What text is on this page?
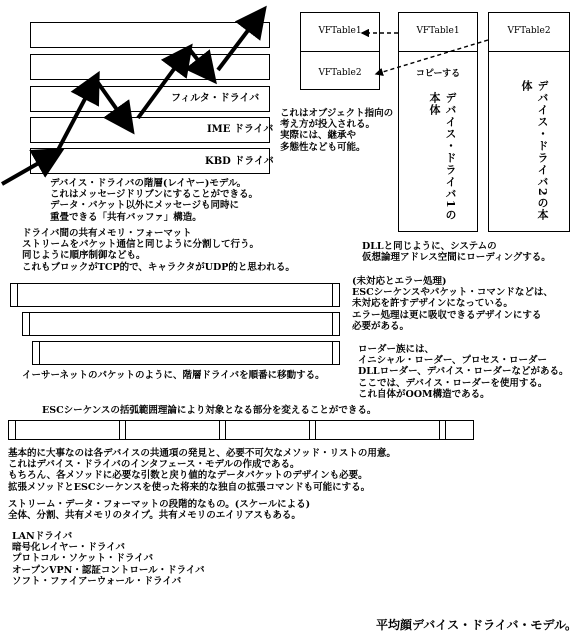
フィルタ・ドライバ
IME ドライバ
KBD ドライバ
VFTable1
VFTable2
VFTable1
コピーする
デバイス・ドライバ1の本体
VFTable2
デバイス・ドライバ2の本体
これはオブジェクト指向の
考え方が投入される。
実際には、継承や
多態性なども可能。
デバイス・ドライバの階層(レイヤー)モデル。
これはメッセージドリブンにすることができる。
データ・パケット以外にメッセージも同時に
重畳できる「共有バッファ」構造。
ドライバ間の共有メモリ・フォーマット
ストリームをパケット通信と同じように分割して行う。
同じように順序制御なども。
これもブロックがTCP的で、キャラクタがUDP的と思われる。
DLLと同じように、システムの
仮想論理アドレス空間にローディングする。
(未対応とエラー処理)
ESCシーケンスやパケット・コマンドなどは、
未対応を許すデザインになっている。
エラー処理は更に吸収できるデザインにする
必要がある。
ローダー族には、
イニシャル・ローダー、プロセス・ローダー
DLLローダー、デバイス・ローダーなどがある。
ここでは、デバイス・ローダーを使用する。
これ自体がOOM構造である。
イーサーネットのパケットのように、階層ドライバを順番に移動する。
ESCシーケンスの括弧範囲理論により対象となる部分を変えることができる。
基本的に大事なのは各デバイスの共通項の発見と、必要不可欠なメソッド・リストの用意。
これはデバイス・ドライバのインタフェース・モデルの作成である。
もちろん、各メソッドに必要な引数と戻り値的なデータパケットのデザインも必要。
拡張メソッドとESCシーケンスを使った将来的な独自の拡張コマンドも可能にする。
ストリーム・データ・フォーマットの段階的なもの。(スケールによる)
全体、分割、共有メモリのタイプ。共有メモリのエイリアスもある。
LANドライバ
暗号化レイヤー・ドライバ
プロトコル・ソケット・ドライバ
オープンVPN・認証コントロール・ドライバ
ソフト・ファイアーウォール・ドライバ
平均顔デバイス・ドライバ・モデル。
